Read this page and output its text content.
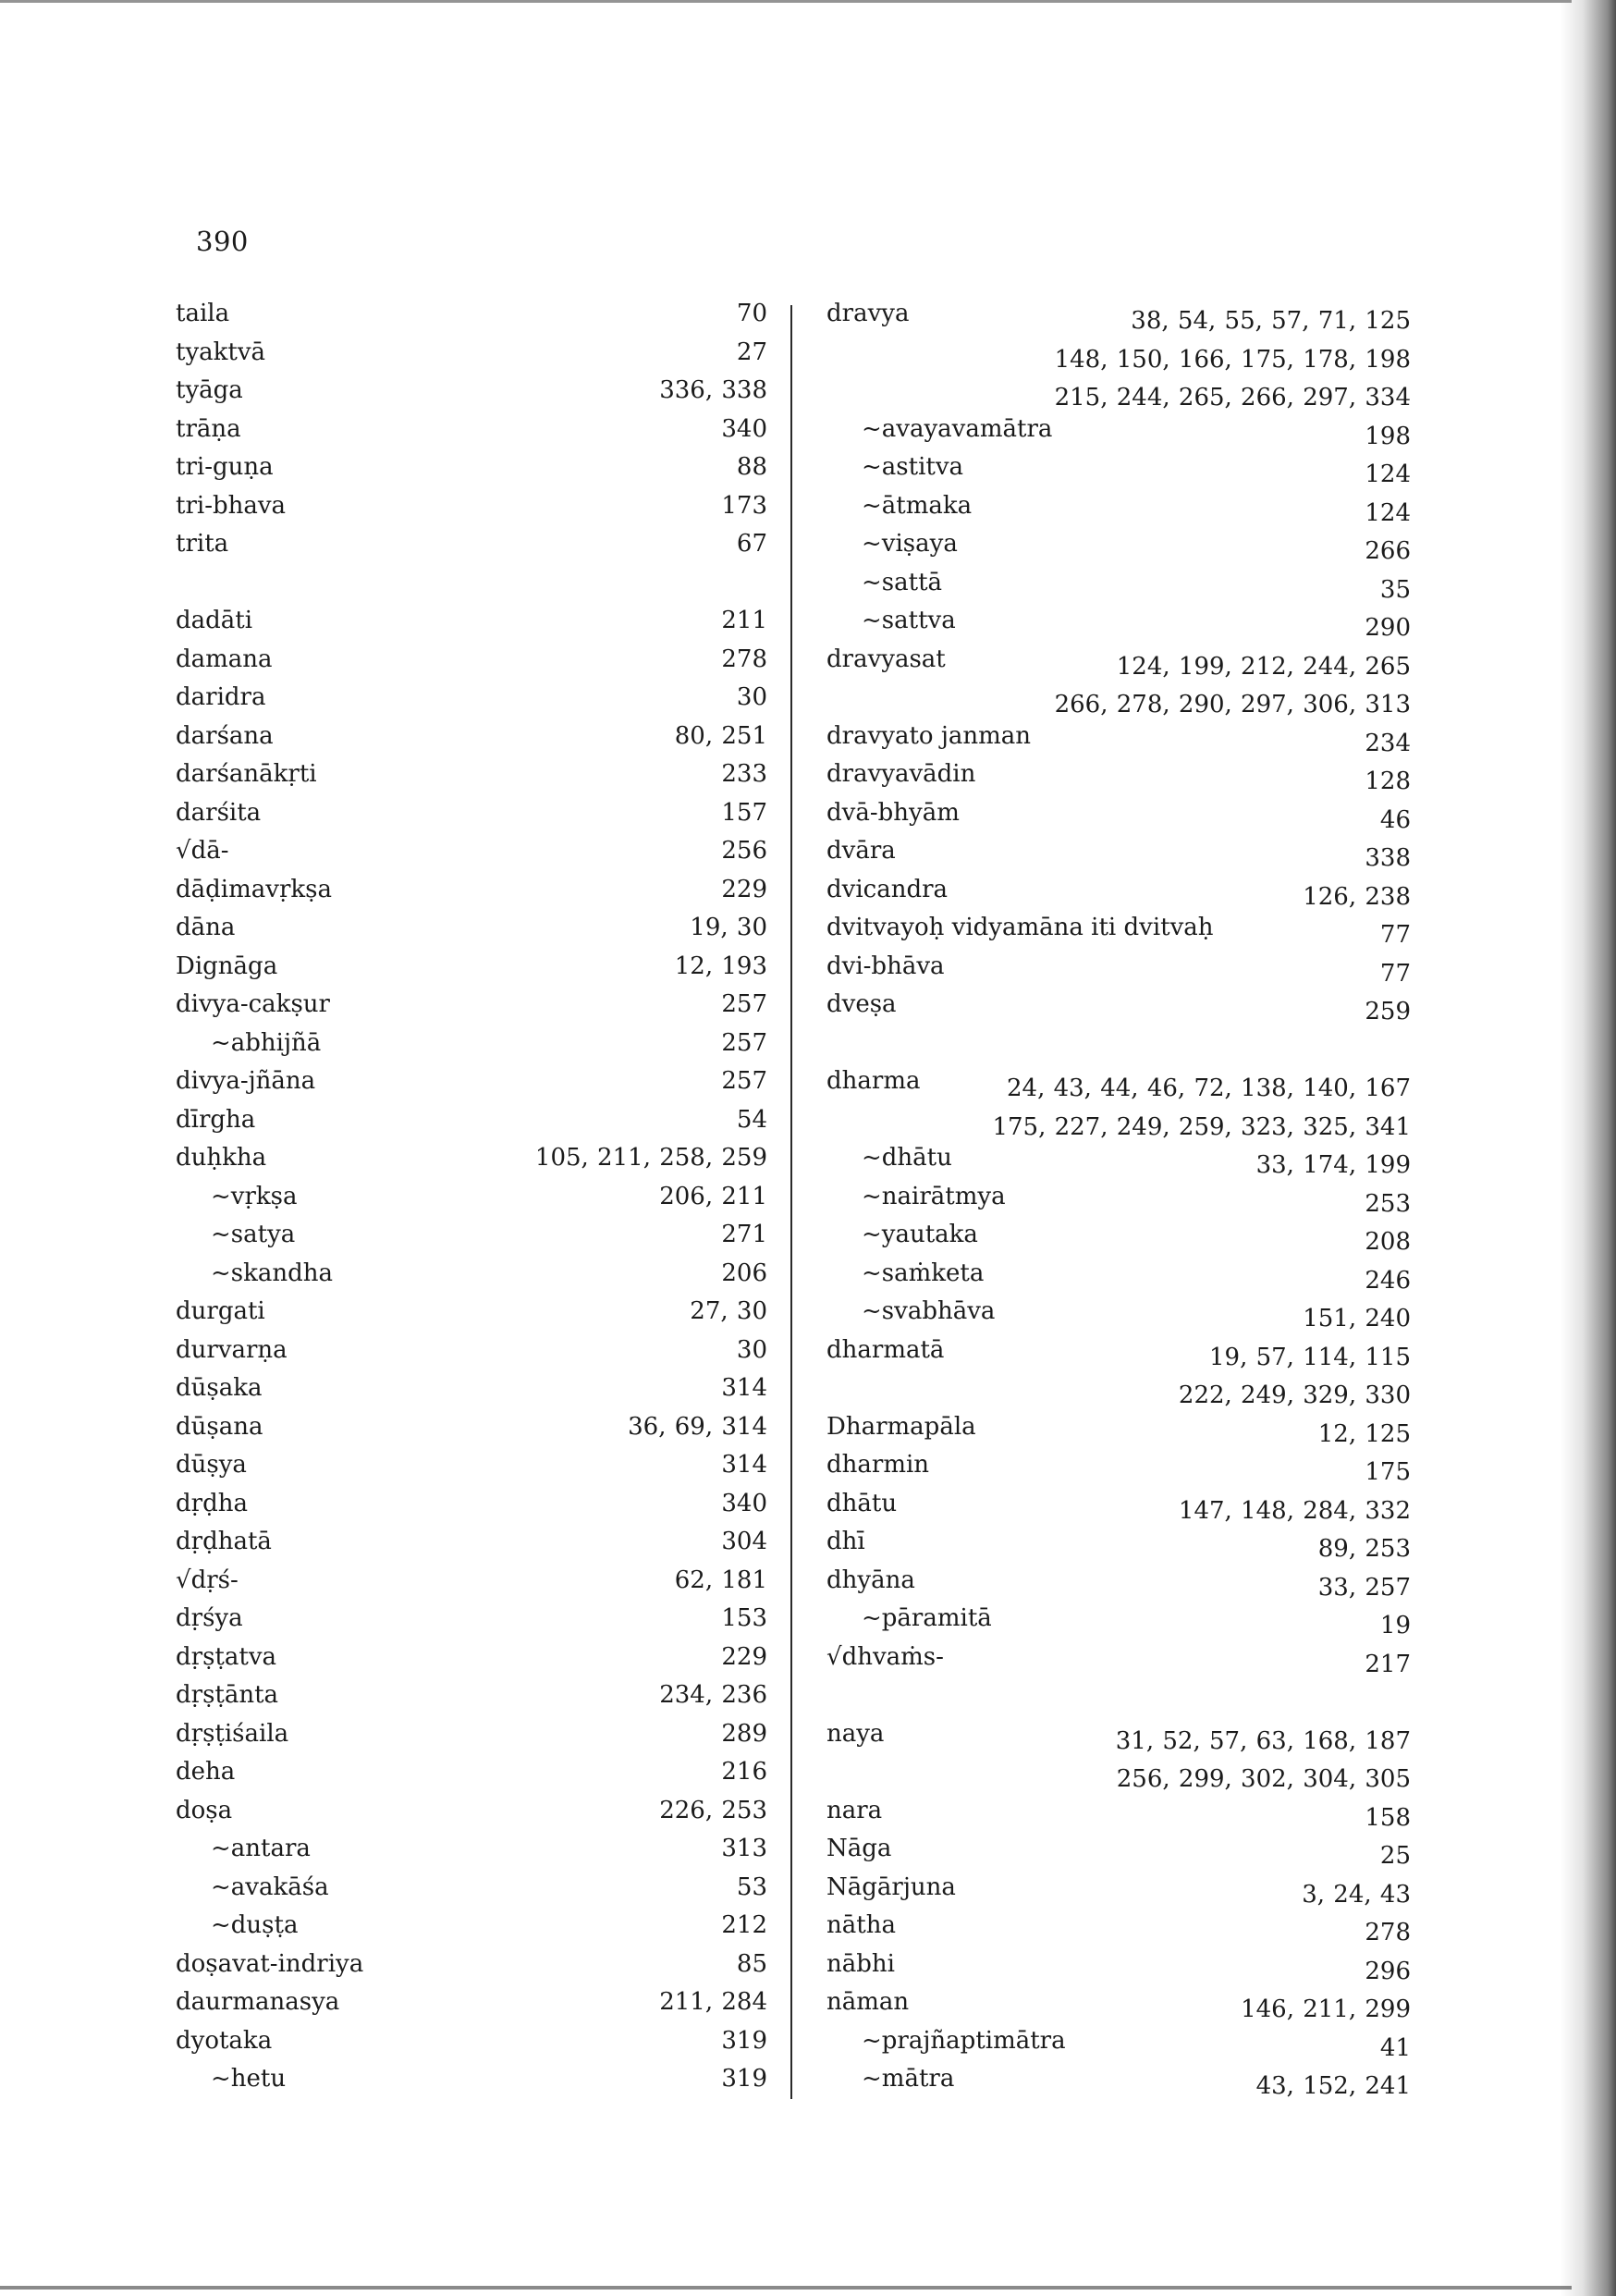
390
taila	70
tyaktvā	27
tyāga	336, 338
trāṇa	340
tri-guṇa	88
tri-bhava	173
trita	67
dadāti	211
damana	278
daridra	30
darśana	80, 251
darśanākṛti	233
darśita	157
√dā-	256
dāḍimavṛkṣa	229
dāna	19, 30
Dignāga	12, 193
divya-cakṣur	257
~abhijñā	257
divya-jñāna	257
dīrgha	54
duḥkha	105, 211, 258, 259
~vṛkṣa	206, 211
~satya	271
~skandha	206
durgati	27, 30
durvarṇa	30
dūṣaka	314
dūṣana	36, 69, 314
dūṣya	314
dṛḍha	340
dṛḍhatā	304
√dṛś-	62, 181
dṛśya	153
dṛṣṭatva	229
dṛṣṭānta	234, 236
dṛṣṭiśaila	289
deha	216
doṣa	226, 253
~antara	313
~avakāśa	53
~duṣṭa	212
doṣavat-indriya	85
daurmanasya	211, 284
dyotaka	319
~hetu	319
dravya	38, 54, 55, 57, 71, 125
148, 150, 166, 175, 178, 198
215, 244, 265, 266, 297, 334
~avayavamātra	198
~astitva	124
~ātmaka	124
~viṣaya	266
~sattā	35
~sattva	290
dravyasat	124, 199, 212, 244, 265
266, 278, 290, 297, 306, 313
dravyato janman	234
dravyavādin	128
dvā-bhyām	46
dvāra	338
dvicandra	126, 238
dvitvayoḥ vidyamāna iti dvitvaḥ	77
dvi-bhāva	77
dveṣa	259
dharma	24, 43, 44, 46, 72, 138, 140, 167
175, 227, 249, 259, 323, 325, 341
~dhātu	33, 174, 199
~nairātmya	253
~yautaka	208
~saṁketa	246
~svabhāva	151, 240
dharmatā	19, 57, 114, 115
222, 249, 329, 330
Dharmapāla	12, 125
dharmin	175
dhātu	147, 148, 284, 332
dhī	89, 253
dhyāna	33, 257
~pāramitā	19
√dhvaṁs-	217
naya	31, 52, 57, 63, 168, 187
256, 299, 302, 304, 305
nara	158
Nāga	25
Nāgārjuna	3, 24, 43
nātha	278
nābhi	296
nāman	146, 211, 299
~prajñaptimātra	41
~mātra	43, 152, 241
